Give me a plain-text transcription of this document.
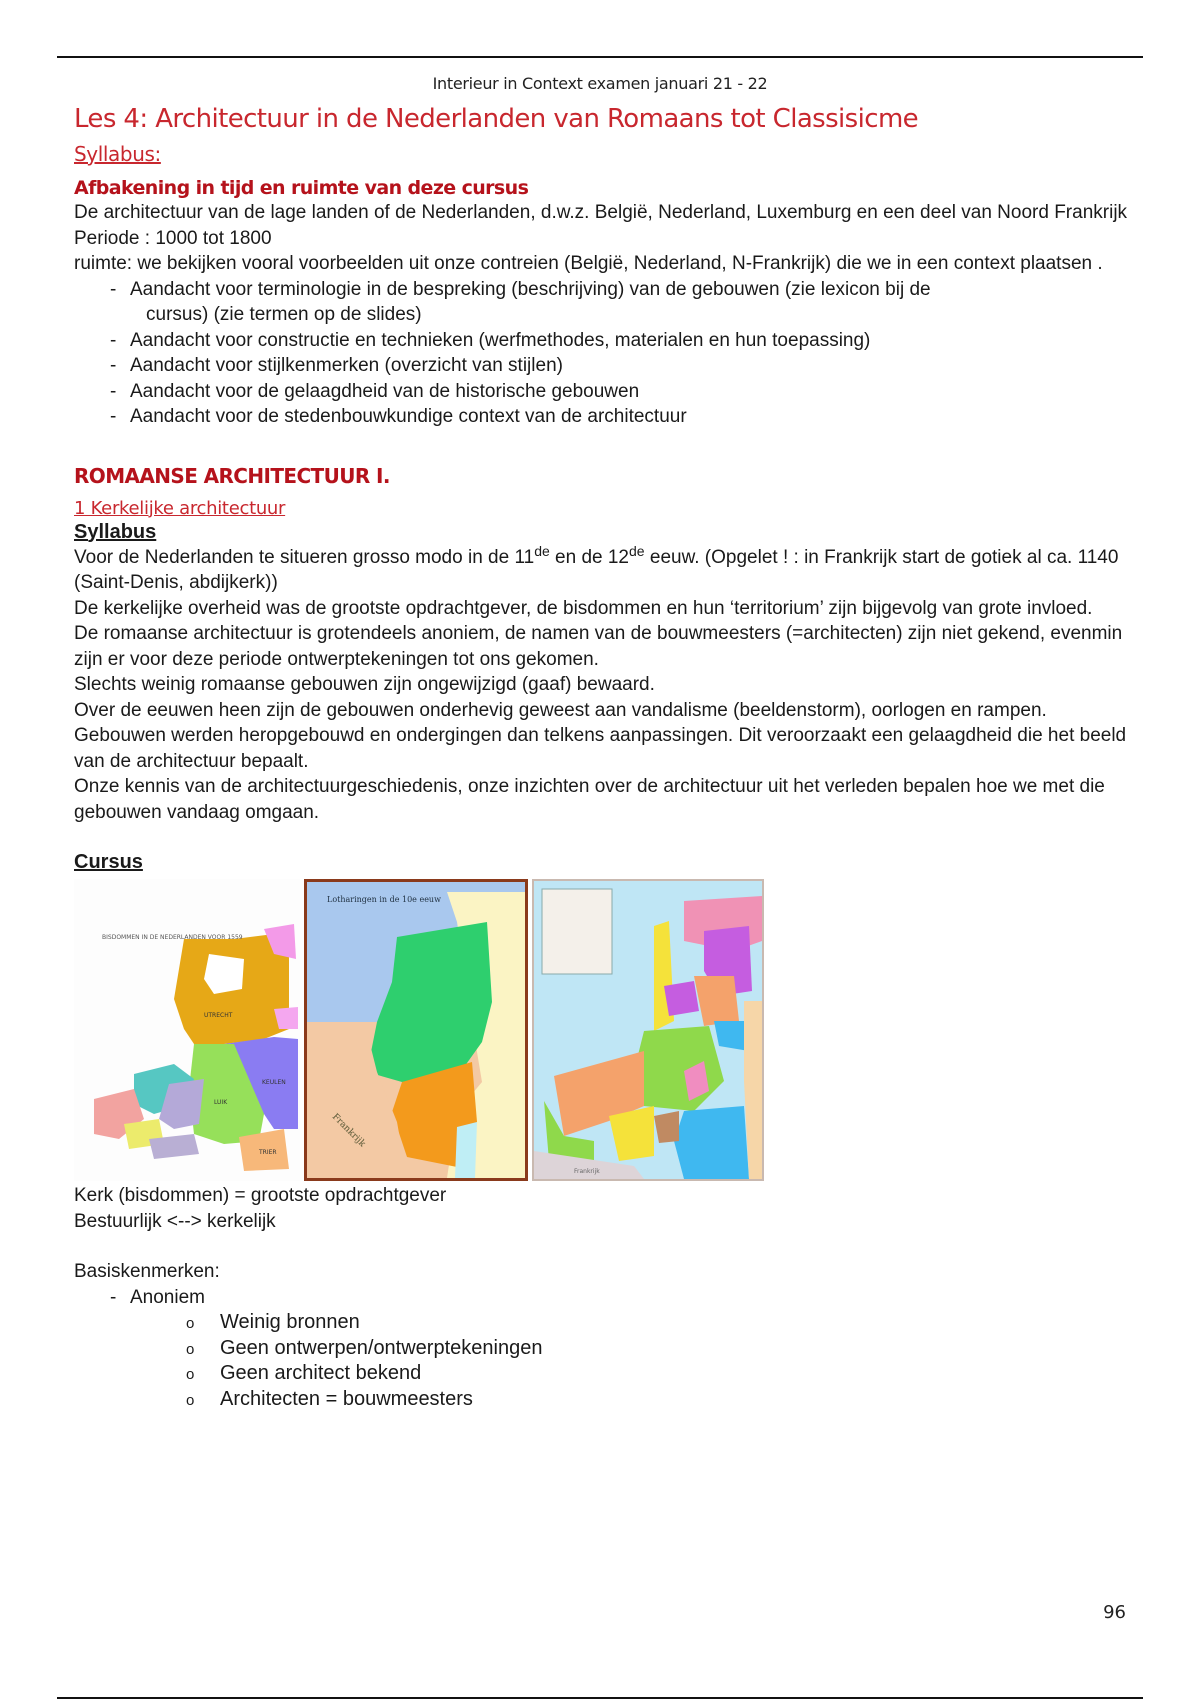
Interieur in Context examen januari 21 - 22
Les 4: Architectuur in de Nederlanden van Romaans tot Classisicme
Syllabus:
Afbakening in tijd en ruimte van deze cursus

De architectuur van de lage landen of de Nederlanden, d.w.z. België, Nederland, Luxemburg en een deel van Noord Frankrijk

Periode : 1000 tot 1800

ruimte: we bekijken vooral voorbeelden uit onze contreien (België, Nederland, N-Frankrijk) die we in een context plaatsen .

- Aandacht voor terminologie in de bespreking (beschrijving) van de gebouwen (zie lexicon bij de
cursus) (zie termen op de slides)
- Aandacht voor constructie en technieken (werfmethodes, materialen en hun toepassing)
- Aandacht voor stijlkenmerken (overzicht van stijlen)
- Aandacht voor de gelaagdheid van de historische gebouwen
- Aandacht voor de stedenbouwkundige context van de architectuur
ROMAANSE ARCHITECTUUR I.
1 Kerkelijke architectuur
Syllabus

Voor de Nederlanden te situeren grosso modo in de 11de en de 12de eeuw. (Opgelet ! : in Frankrijk start de gotiek al ca. 1140 (Saint-Denis, abdijkerk))

De kerkelijke overheid was de grootste opdrachtgever, de bisdommen en hun ‘territorium’ zijn bijgevolg van grote invloed.

De romaanse architectuur is grotendeels anoniem, de namen van de bouwmeesters (=architecten) zijn niet gekend, evenmin zijn er voor deze periode ontwerptekeningen tot ons gekomen.

Slechts weinig romaanse gebouwen zijn ongewijzigd (gaaf) bewaard.

Over de eeuwen heen zijn de gebouwen onderhevig geweest aan vandalisme (beeldenstorm), oorlogen en rampen. Gebouwen werden heropgebouwd en ondergingen dan telkens aanpassingen. Dit veroorzaakt een gelaagdheid die het beeld van de architectuur bepaalt.

Onze kennis van de architectuurgeschiedenis, onze inzichten over de architectuur uit het verleden bepalen hoe we met die gebouwen vandaag omgaan.

Cursus
BISDOMMEN IN DE NEDERLANDEN VOOR 1559
UTRECHT
LUIK
KEULEN
TRIER
Lotharingen in de 10e eeuw
Frankrijk
Frankrijk

Kerk (bisdommen) = grootste opdrachtgever

Bestuurlijk <--> kerkelijk

Basiskenmerken:

- Anoniem
o Weinig bronnen
o Geen ontwerpen/ontwerptekeningen
o Geen architect bekend
o Architecten = bouwmeesters
96
